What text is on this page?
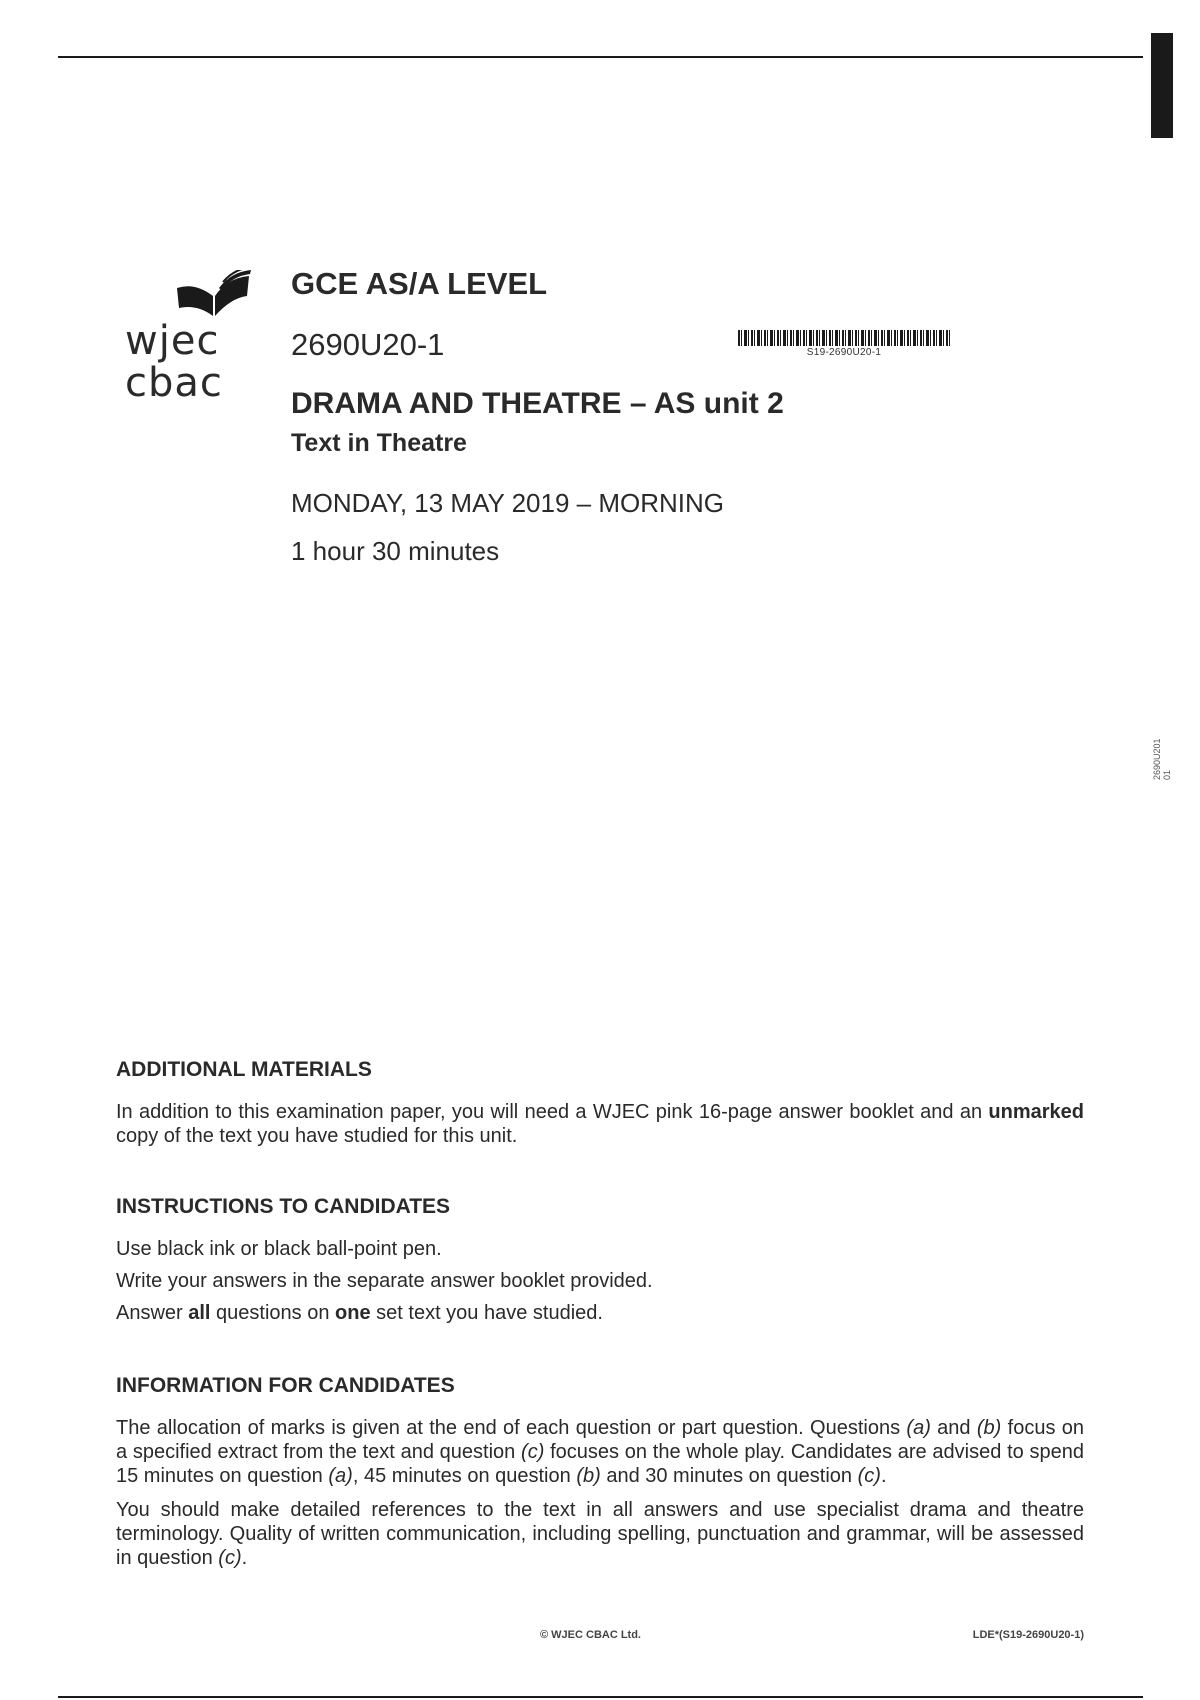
wjec
cbac
GCE AS/A LEVEL
2690U20-1
DRAMA AND THEATRE – AS unit 2
Text in Theatre
MONDAY, 13 MAY 2019 – MORNING
1 hour 30 minutes
S19-2690U20-1
2690U201 01
ADDITIONAL MATERIALS

In addition to this examination paper, you will need a WJEC pink 16-page answer booklet and an unmarked copy of the text you have studied for this unit.

INSTRUCTIONS TO CANDIDATES

Use black ink or black ball-point pen.

Write your answers in the separate answer booklet provided.

Answer all questions on one set text you have studied.

INFORMATION FOR CANDIDATES

The allocation of marks is given at the end of each question or part question. Questions (a) and (b) focus on a specified extract from the text and question (c) focuses on the whole play. Candidates are advised to spend 15 minutes on question (a), 45 minutes on question (b) and 30 minutes on question (c).

You should make detailed references to the text in all answers and use specialist drama and theatre terminology. Quality of written communication, including spelling, punctuation and grammar, will be assessed in question (c).

© WJEC CBAC Ltd.	LDE*(S19-2690U20-1)
